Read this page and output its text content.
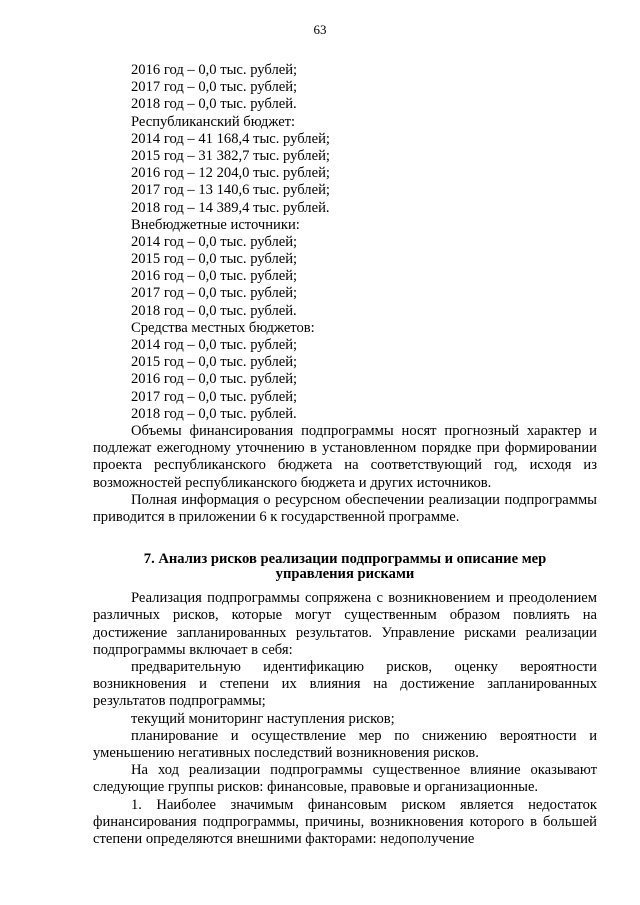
63
2016 год – 0,0 тыс. рублей;
2017 год – 0,0 тыс. рублей;
2018 год – 0,0 тыс. рублей.
Республиканский бюджет:
2014 год – 41 168,4 тыс. рублей;
2015 год – 31 382,7 тыс. рублей;
2016 год – 12 204,0 тыс. рублей;
2017 год – 13 140,6 тыс. рублей;
2018 год – 14 389,4 тыс. рублей.
Внебюджетные источники:
2014 год – 0,0 тыс. рублей;
2015 год – 0,0 тыс. рублей;
2016 год – 0,0 тыс. рублей;
2017 год – 0,0 тыс. рублей;
2018 год – 0,0 тыс. рублей.
Средства местных бюджетов:
2014 год – 0,0 тыс. рублей;
2015 год – 0,0 тыс. рублей;
2016 год – 0,0 тыс. рублей;
2017 год – 0,0 тыс. рублей;
2018 год – 0,0 тыс. рублей.

Объемы финансирования подпрограммы носят прогнозный характер и подлежат ежегодному уточнению в установленном порядке при формировании проекта республиканского бюджета на соответствующий год, исходя из возможностей республиканского бюджета и других источников.

Полная информация о ресурсном обеспечении реализации подпрограммы приводится в приложении 6 к государственной программе.

7. Анализ рисков реализации подпрограммы и описание мер
управления рисками

Реализация подпрограммы сопряжена с возникновением и преодолением различных рисков, которые могут существенным образом повлиять на достижение запланированных результатов. Управление рисками реализации подпрограммы включает в себя:

предварительную идентификацию рисков, оценку вероятности возникновения и степени их влияния на достижение запланированных результатов подпрограммы;

текущий мониторинг наступления рисков;

планирование и осуществление мер по снижению вероятности и уменьшению негативных последствий возникновения рисков.

На ход реализации подпрограммы существенное влияние оказывают следующие группы рисков: финансовые, правовые и организационные.

1. Наиболее значимым финансовым риском является недостаток финансирования подпрограммы, причины, возникновения которого в большей степени определяются внешними факторами: недополучение
